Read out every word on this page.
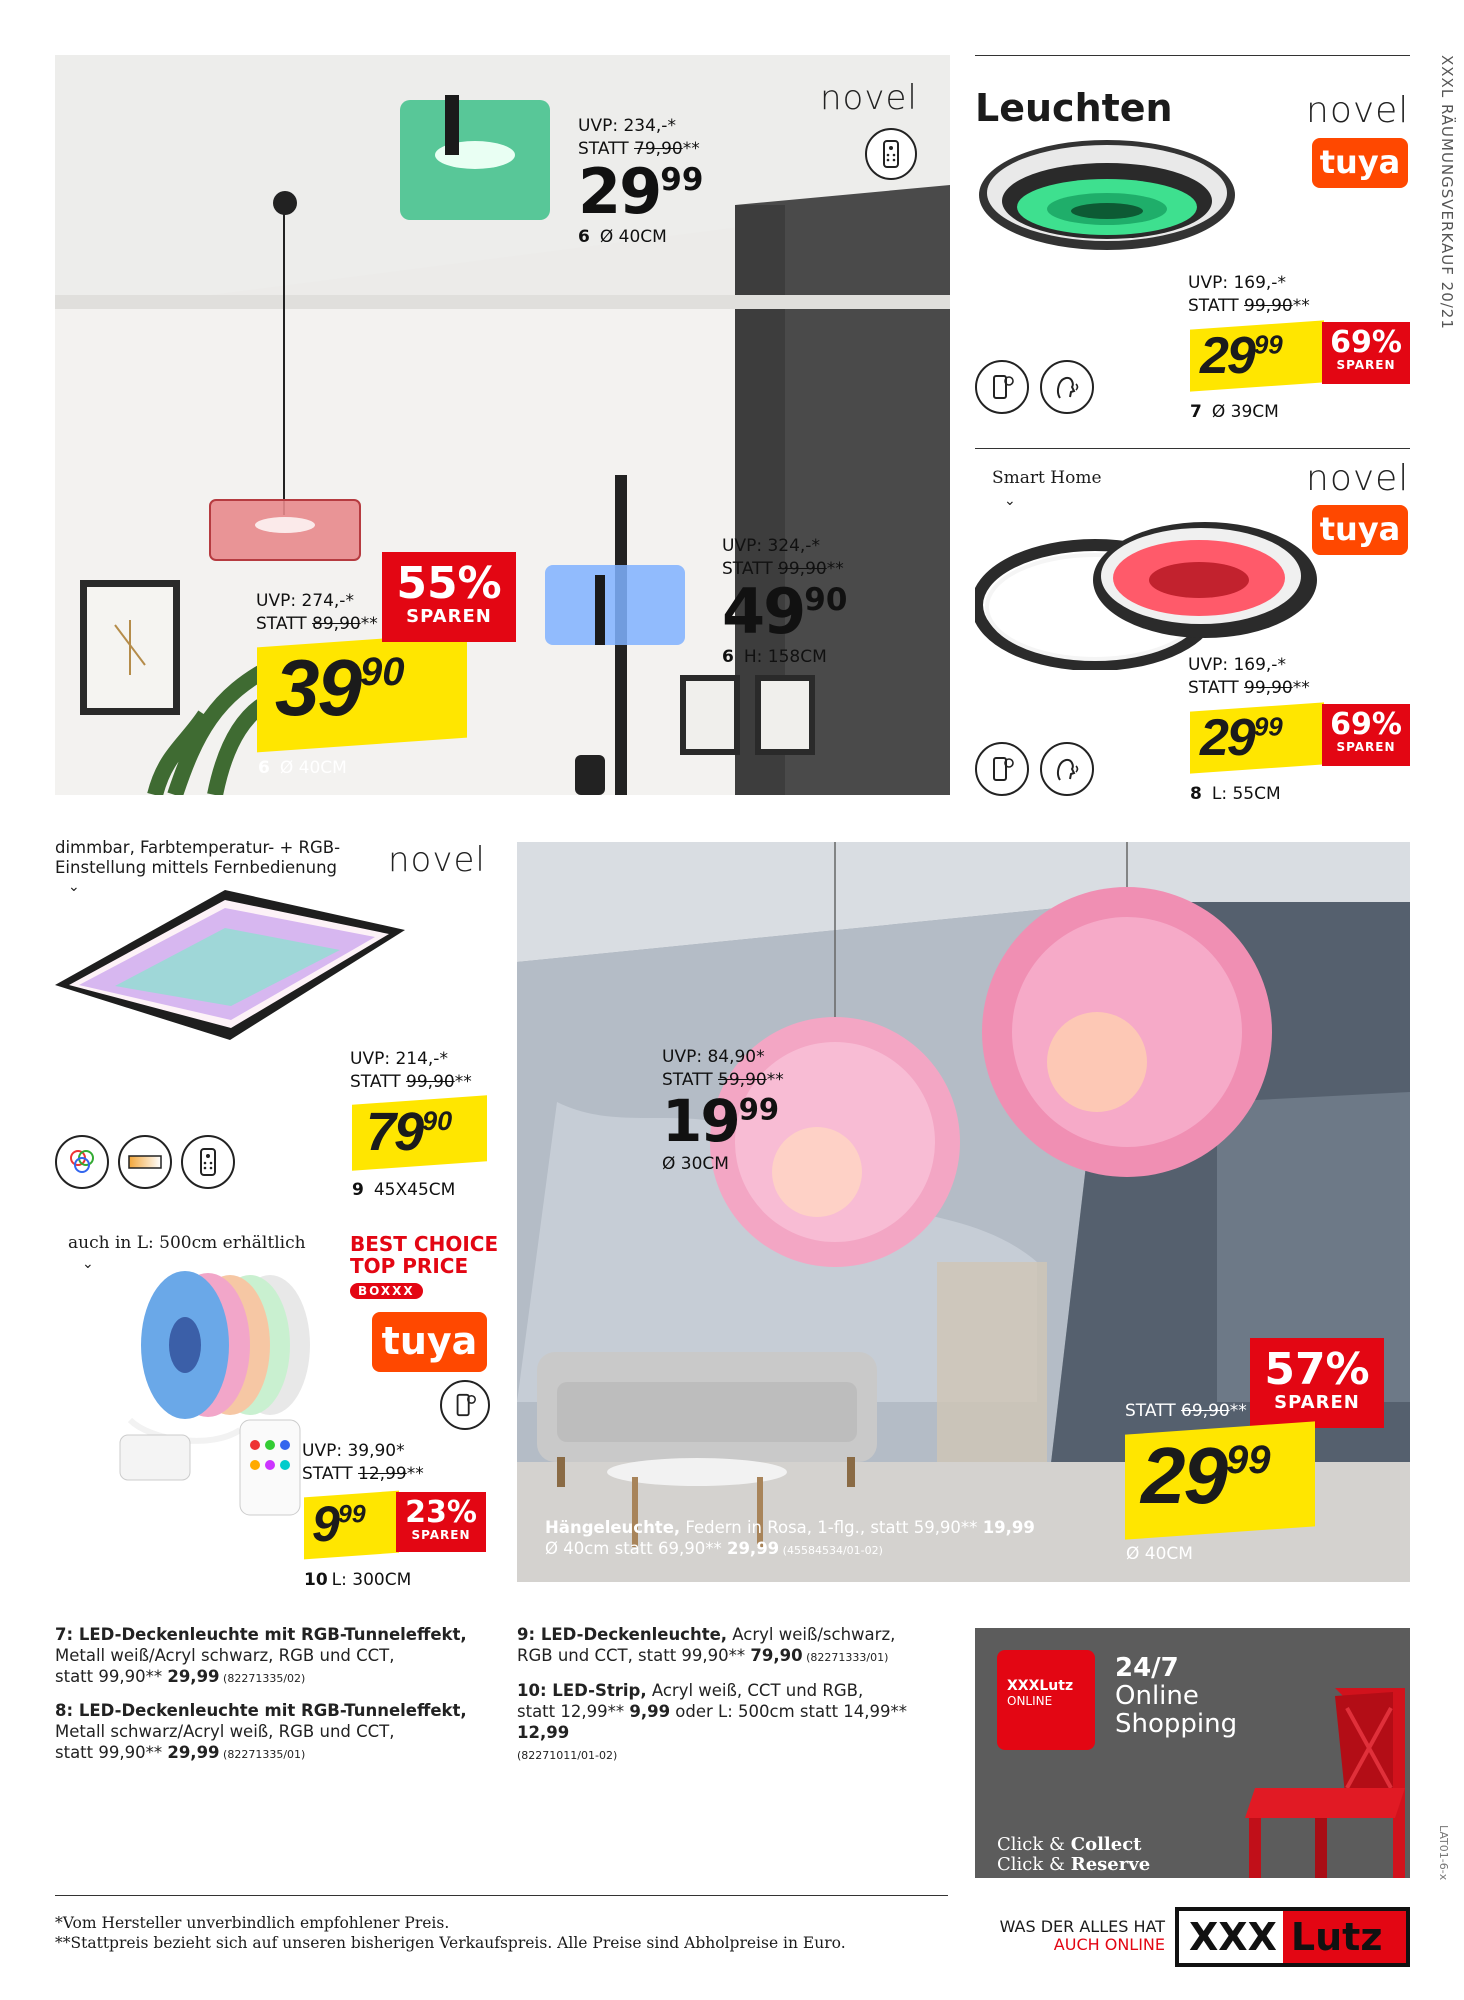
XXXL RÄUMUNGSVERKAUF 20/21
LAT01-6-x
novel
UVP: 234,-*
STATT 79,90**
$29^{99}$
6 Ø 40CM
UVP: 274,-*
STATT 89,90**
$39^{90}$
55%
SPAREN
6 Ø 40CM
UVP: 324,-*
STATT 99,90**
$49^{90}$
6 H: 158CM
Leuchten	novel
tuya
UVP: 169,-*
STATT 99,90**
$29^{99}$	69%
SPAREN
7 Ø 39CM
Smart Home
⌄
novel
tuya
UVP: 169,-*
STATT 99,90**
$29^{99}$	69%
SPAREN
8 L: 55CM
dimmbar, Farbtemperatur- + RGB-Einstellung mittels Fernbedienung
⌄
novel
UVP: 214,-*
STATT 99,90**
$79^{90}$
9 45X45CM
auch in L: 500cm erhältlich
⌄
BEST CHOICE
TOP PRICE
BOXXX
tuya
UVP: 39,90*
STATT 12,99**
$9^{99}$	23%
SPAREN
10 L: 300CM
UVP: 84,90*
STATT 59,90**
$19^{99}$
Ø 30CM
STATT 69,90**
57%
SPAREN
$29^{99}$
Ø 40CM
Hängeleuchte, Federn in Rosa, 1-flg., statt 59,90** 19,99
Ø 40cm statt 69,90** 29,99 (45584534/01-02)
7: LED-Deckenleuchte mit RGB-Tunneleffekt,
Metall weiß/Acryl schwarz, RGB und CCT,
statt 99,90** 29,99 (82271335/02)
8: LED-Deckenleuchte mit RGB-Tunneleffekt,
Metall schwarz/Acryl weiß, RGB und CCT,
statt 99,90** 29,99 (82271335/01)
9: LED-Deckenleuchte, Acryl weiß/schwarz,
RGB und CCT, statt 99,90** 79,90 (82271333/01)
10: LED-Strip, Acryl weiß, CCT und RGB,
statt 12,99** 9,99 oder L: 500cm statt 14,99** 12,99
(82271011/01-02)
XXXLutz
ONLINE
24/7
Online
Shopping
Click & Collect
Click & Reserve
*Vom Hersteller unverbindlich empfohlener Preis.
**Stattpreis bezieht sich auf unseren bisherigen Verkaufspreis. Alle Preise sind Abholpreise in Euro.
WAS DER ALLES HAT
AUCH ONLINE XXX Lutz
